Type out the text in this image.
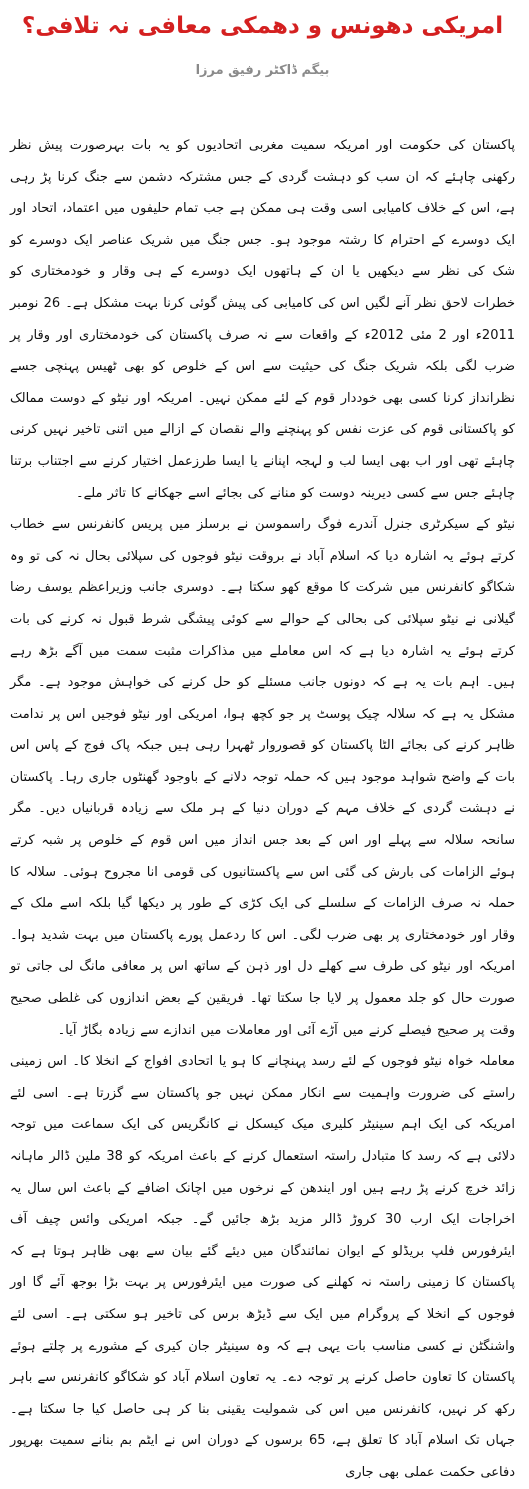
امریکی دھونس و دھمکی معافی نہ تلافی؟
بیگم ڈاکٹر رفیق مرزا

پاکستان کی حکومت اور امریکہ سمیت مغربی اتحادیوں کو یہ بات بہرصورت پیش نظر رکھنی چاہئے کہ ان سب کو دہشت گردی کے جس مشترکہ دشمن سے جنگ کرنا پڑ رہی ہے، اس کے خلاف کامیابی اسی وقت ہی ممکن ہے جب تمام حلیفوں میں اعتماد، اتحاد اور ایک دوسرے کے احترام کا رشتہ موجود ہو۔ جس جنگ میں شریک عناصر ایک دوسرے کو شک کی نظر سے دیکھیں یا ان کے ہاتھوں ایک دوسرے کے ہی وقار و خودمختاری کو خطرات لاحق نظر آنے لگیں اس کی کامیابی کی پیش گوئی کرنا بہت مشکل ہے۔ 26 نومبر 2011ء اور 2 مئی 2012ء کے واقعات سے نہ صرف پاکستان کی خودمختاری اور وقار پر ضرب لگی بلکہ شریک جنگ کی حیثیت سے اس کے خلوص کو بھی ٹھیس پہنچی جسے نظرانداز کرنا کسی بھی خوددار قوم کے لئے ممکن نہیں۔ امریکہ اور نیٹو کے دوست ممالک کو پاکستانی قوم کی عزت نفس کو پہنچنے والے نقصان کے ازالے میں اتنی تاخیر نہیں کرنی چاہئے تھی اور اب بھی ایسا لب و لہجہ اپنانے یا ایسا طرزعمل اختیار کرنے سے اجتناب برتنا چاہئے جس سے کسی دیرینہ دوست کو منانے کی بجائے اسے جھکانے کا تاثر ملے۔

نیٹو کے سیکرٹری جنرل آندرے فوگ راسموسن نے برسلز میں پریس کانفرنس سے خطاب کرتے ہوئے یہ اشارہ دیا کہ اسلام آباد نے بروقت نیٹو فوجوں کی سپلائی بحال نہ کی تو وہ شکاگو کانفرنس میں شرکت کا موقع کھو سکتا ہے۔ دوسری جانب وزیراعظم یوسف رضا گیلانی نے نیٹو سپلائی کی بحالی کے حوالے سے کوئی پیشگی شرط قبول نہ کرنے کی بات کرتے ہوئے یہ اشارہ دیا ہے کہ اس معاملے میں مذاکرات مثبت سمت میں آگے بڑھ رہے ہیں۔ اہم بات یہ ہے کہ دونوں جانب مسئلے کو حل کرنے کی خواہش موجود ہے۔ مگر مشکل یہ ہے کہ سلالہ چیک پوسٹ پر جو کچھ ہوا، امریکی اور نیٹو فوجیں اس پر ندامت ظاہر کرنے کی بجائے الٹا پاکستان کو قصوروار ٹھہرا رہی ہیں جبکہ پاک فوج کے پاس اس بات کے واضح شواہد موجود ہیں کہ حملہ توجہ دلانے کے باوجود گھنٹوں جاری رہا۔ پاکستان نے دہشت گردی کے خلاف مہم کے دوران دنیا کے ہر ملک سے زیادہ قربانیاں دیں۔ مگر سانحہ سلالہ سے پہلے اور اس کے بعد جس انداز میں اس قوم کے خلوص پر شبہ کرتے ہوئے الزامات کی بارش کی گئی اس سے پاکستانیوں کی قومی انا مجروح ہوئی۔ سلالہ کا حملہ نہ صرف الزامات کے سلسلے کی ایک کڑی کے طور پر دیکھا گیا بلکہ اسے ملک کے وقار اور خودمختاری پر بھی ضرب لگی۔ اس کا ردعمل پورے پاکستان میں بہت شدید ہوا۔ امریکہ اور نیٹو کی طرف سے کھلے دل اور ذہن کے ساتھ اس پر معافی مانگ لی جاتی تو صورت حال کو جلد معمول پر لایا جا سکتا تھا۔ فریقین کے بعض اندازوں کی غلطی صحیح وقت پر صحیح فیصلے کرنے میں آڑے آئی اور معاملات میں اندازے سے زیادہ بگاڑ آیا۔

معاملہ خواہ نیٹو فوجوں کے لئے رسد پہنچانے کا ہو یا اتحادی افواج کے انخلا کا۔ اس زمینی راستے کی ضرورت واہمیت سے انکار ممکن نہیں جو پاکستان سے گزرتا ہے۔ اسی لئے امریکہ کی ایک اہم سینیٹر کلیری میک کیسکل نے کانگریس کی ایک سماعت میں توجہ دلائی ہے کہ رسد کا متبادل راستہ استعمال کرنے کے باعث امریکہ کو 38 ملین ڈالر ماہانہ زائد خرچ کرنے پڑ رہے ہیں اور ایندھن کے نرخوں میں اچانک اضافے کے باعث اس سال یہ اخراجات ایک ارب 30 کروڑ ڈالر مزید بڑھ جائیں گے۔ جبکہ امریکی وائس چیف آف ایئرفورس فلپ بریڈلو کے ایوان نمائندگان میں دیئے گئے بیان سے بھی ظاہر ہوتا ہے کہ پاکستان کا زمینی راستہ نہ کھلنے کی صورت میں ایئرفورس پر بہت بڑا بوجھ آئے گا اور فوجوں کے انخلا کے پروگرام میں ایک سے ڈیڑھ برس کی تاخیر ہو سکتی ہے۔ اسی لئے واشنگٹن نے کسی مناسب بات یہی ہے کہ وہ سینیٹر جان کیری کے مشورے پر چلتے ہوئے پاکستان کا تعاون حاصل کرنے پر توجہ دے۔ یہ تعاون اسلام آباد کو شکاگو کانفرنس سے باہر رکھ کر نہیں، کانفرنس میں اس کی شمولیت یقینی بنا کر ہی حاصل کیا جا سکتا ہے۔ جہاں تک اسلام آباد کا تعلق ہے، 65 برسوں کے دوران اس نے ایٹم بم بنانے سمیت بھرپور دفاعی حکمت عملی بھی جاری
